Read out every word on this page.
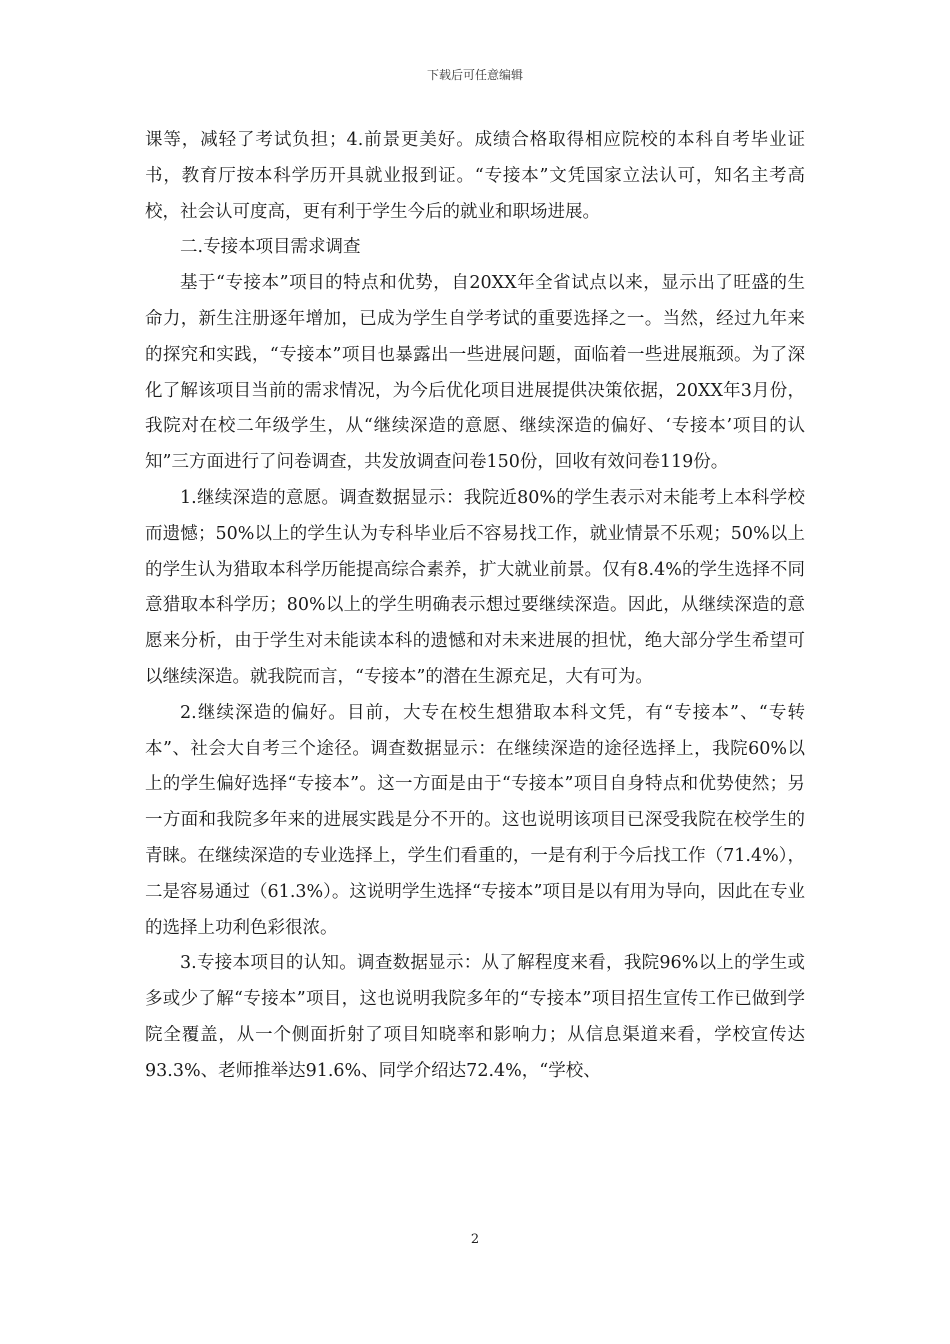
下载后可任意编辑

课等，减轻了考试负担；4.前景更美好。成绩合格取得相应院校的本科自考毕业证书，教育厅按本科学历开具就业报到证。“专接本”文凭国家立法认可，知名主考高校，社会认可度高，更有利于学生今后的就业和职场进展。

二.专接本项目需求调查

基于“专接本”项目的特点和优势，自20XX年全省试点以来，显示出了旺盛的生命力，新生注册逐年增加，已成为学生自学考试的重要选择之一。当然，经过九年来的探究和实践，“专接本”项目也暴露出一些进展问题，面临着一些进展瓶颈。为了深化了解该项目当前的需求情况，为今后优化项目进展提供决策依据，20XX年3月份，我院对在校二年级学生，从“继续深造的意愿、继续深造的偏好、‘专接本’项目的认知”三方面进行了问卷调查，共发放调查问卷150份，回收有效问卷119份。

1.继续深造的意愿。调查数据显示：我院近80%的学生表示对未能考上本科学校而遗憾；50%以上的学生认为专科毕业后不容易找工作，就业情景不乐观；50%以上的学生认为猎取本科学历能提高综合素养，扩大就业前景。仅有8.4%的学生选择不同意猎取本科学历；80%以上的学生明确表示想过要继续深造。因此，从继续深造的意愿来分析，由于学生对未能读本科的遗憾和对未来进展的担忧，绝大部分学生希望可以继续深造。就我院而言，“专接本”的潜在生源充足，大有可为。

2.继续深造的偏好。目前，大专在校生想猎取本科文凭，有“专接本”、“专转本”、社会大自考三个途径。调查数据显示：在继续深造的途径选择上，我院60%以上的学生偏好选择“专接本”。这一方面是由于“专接本”项目自身特点和优势使然；另一方面和我院多年来的进展实践是分不开的。这也说明该项目已深受我院在校学生的青睐。在继续深造的专业选择上，学生们看重的，一是有利于今后找工作（71.4%），二是容易通过（61.3%）。这说明学生选择“专接本”项目是以有用为导向，因此在专业的选择上功利色彩很浓。

3.专接本项目的认知。调查数据显示：从了解程度来看，我院96%以上的学生或多或少了解“专接本”项目，这也说明我院多年的“专接本”项目招生宣传工作已做到学院全覆盖，从一个侧面折射了项目知晓率和影响力；从信息渠道来看，学校宣传达93.3%、老师推举达91.6%、同学介绍达72.4%，“学校、

2
